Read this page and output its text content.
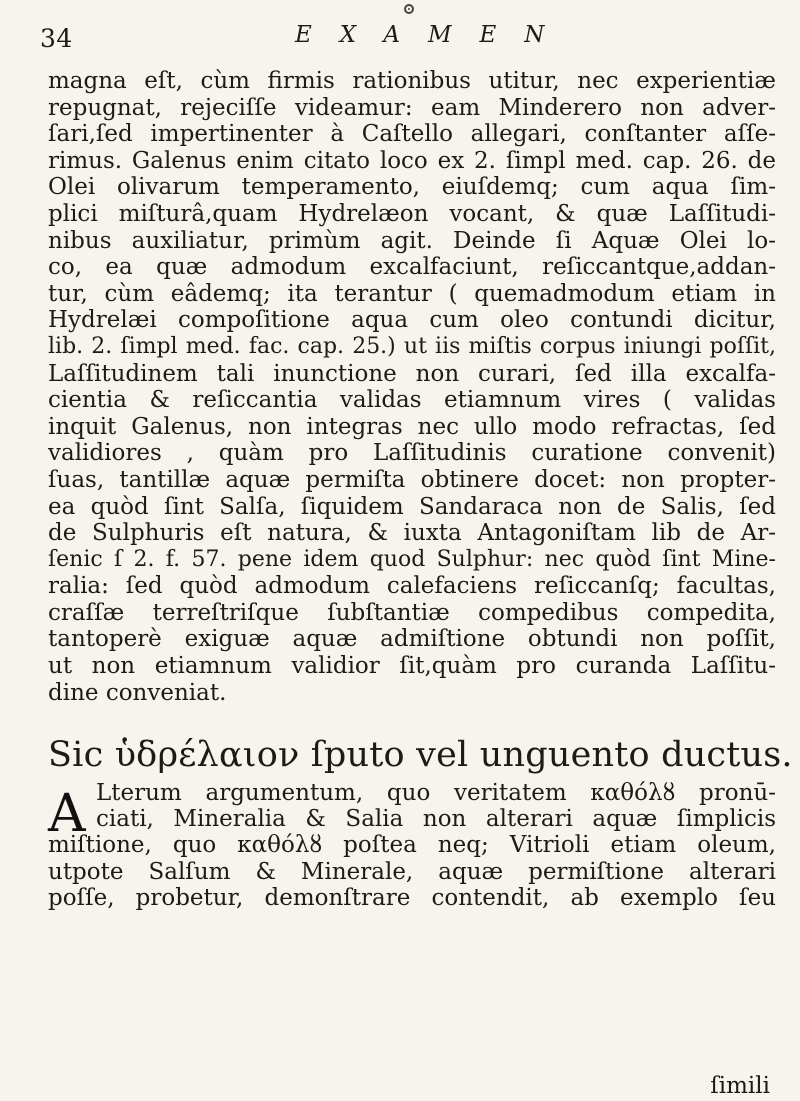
34	EXAMEN
magna eſt, cùm firmis rationibus utitur, nec experientiæ
repugnat, rejeciſſe videamur: eam Minderero non adver-
ſari,ſed impertinenter à Caſtello allegari, conſtanter aſſe-
rimus. Galenus enim citato loco ex 2. ſimpl med. cap. 26. de
Olei olivarum temperamento, eiuſdemq; cum aqua ſim-
plici miſturâ,quam Hydrelæon vocant, & quæ Laſſitudi-
nibus auxiliatur, primùm agit. Deinde ſi Aquæ Olei lo-
co, ea quæ admodum excalfaciunt, reſiccantque,addan-
tur, cùm eâdemq; ita terantur ( quemadmodum etiam in
Hydrelæi compoſitione aqua cum oleo contundi dicitur,
lib. 2. ſimpl med. fac. cap. 25.) ut iis miſtis corpus iniungi poſſit,
Laſſitudinem tali inunctione non curari, ſed illa excalfa-
cientia & reſiccantia validas etiamnum vires ( validas
inquit Galenus, non integras nec ullo modo refractas, ſed
validiores , quàm pro Laſſitudinis curatione convenit)
ſuas, tantillæ aquæ permiſta obtinere docet: non propter-
ea quòd ſint Salſa, ſiquidem Sandaraca non de Salis, ſed
de Sulphuris eſt natura, & iuxta Antagoniſtam lib de Ar-
ſenic ſ 2. f. 57. pene idem quod Sulphur: nec quòd ſint Mine-
ralia: ſed quòd admodum calefaciens reſiccanſq; facultas,
craſſæ terreſtriſque ſubſtantiæ compedibus compedita,
tantoperè exiguæ aquæ admiſtione obtundi non poſſit,
ut non etiamnum validior ſit,quàm pro curanda Laſſitu-
dine conveniat.
Sic ὑδρέλαιον ſputo vel unguento ductus.
A Lterum argumentum, quo veritatem καθόλȣ pronū-
ciati, Mineralia & Salia non alterari aquæ ſimplicis
miſtione, quo καθόλȣ poſtea neq; Vitrioli etiam oleum,
utpote Salſum & Minerale, aquæ permiſtione alterari
poſſe, probetur, demonſtrare contendit, ab exemplo ſeu
ſimili
